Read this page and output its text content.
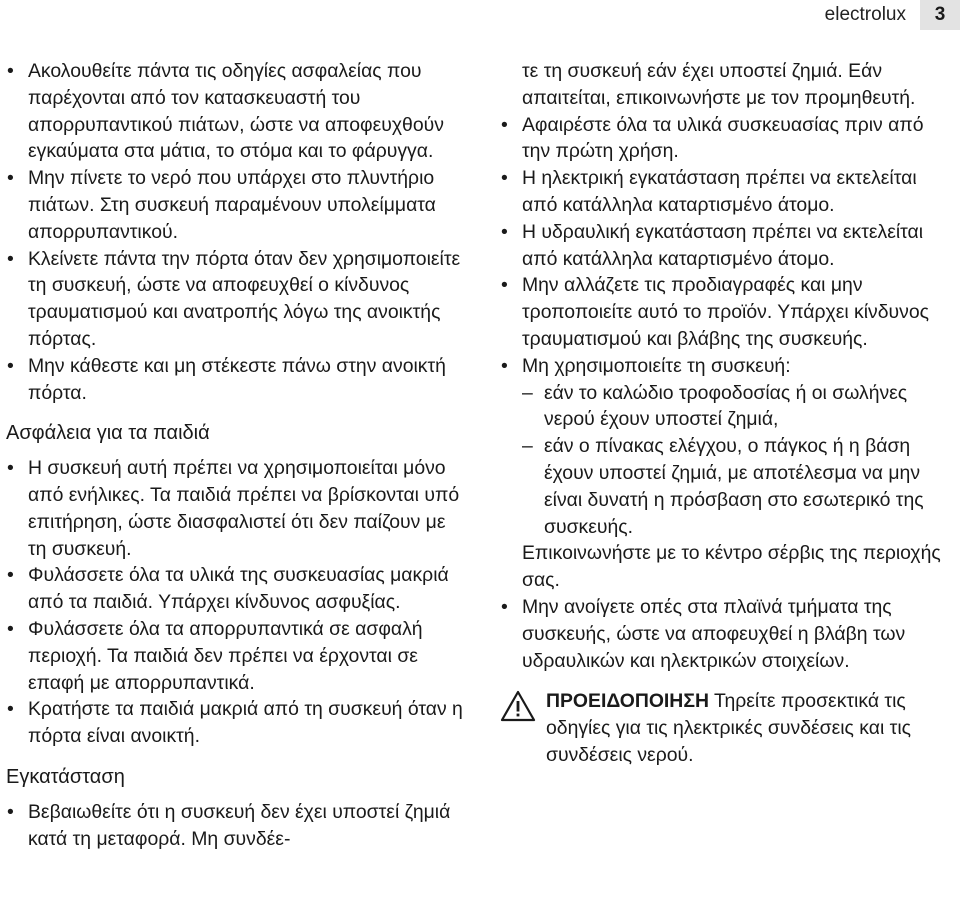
electrolux	3
• Ακολουθείτε πάντα τις οδηγίες ασφαλείας που παρέχονται από τον κατασκευαστή του απορρυπαντικού πιάτων, ώστε να αποφευχθούν εγκαύματα στα μάτια, το στόμα και το φάρυγγα.
• Μην πίνετε το νερό που υπάρχει στο πλυντήριο πιάτων. Στη συσκευή παραμένουν υπολείμματα απορρυπαντικού.
• Κλείνετε πάντα την πόρτα όταν δεν χρησιμοποιείτε τη συσκευή, ώστε να αποφευχθεί ο κίνδυνος τραυματισμού και ανατροπής λόγω της ανοικτής πόρτας.
• Μην κάθεστε και μη στέκεστε πάνω στην ανοικτή πόρτα.
Ασφάλεια για τα παιδιά
• Η συσκευή αυτή πρέπει να χρησιμοποιείται μόνο από ενήλικες. Τα παιδιά πρέπει να βρίσκονται υπό επιτήρηση, ώστε διασφαλιστεί ότι δεν παίζουν με τη συσκευή.
• Φυλάσσετε όλα τα υλικά της συσκευασίας μακριά από τα παιδιά. Υπάρχει κίνδυνος ασφυξίας.
• Φυλάσσετε όλα τα απορρυπαντικά σε ασφαλή περιοχή. Τα παιδιά δεν πρέπει να έρχονται σε επαφή με απορρυπαντικά.
• Κρατήστε τα παιδιά μακριά από τη συσκευή όταν η πόρτα είναι ανοικτή.
Εγκατάσταση
• Βεβαιωθείτε ότι η συσκευή δεν έχει υποστεί ζημιά κατά τη μεταφορά. Μη συνδέε-
τε τη συσκευή εάν έχει υποστεί ζημιά. Εάν απαιτείται, επικοινωνήστε με τον προμηθευτή.
• Αφαιρέστε όλα τα υλικά συσκευασίας πριν από την πρώτη χρήση.
• Η ηλεκτρική εγκατάσταση πρέπει να εκτελείται από κατάλληλα καταρτισμένο άτομο.
• Η υδραυλική εγκατάσταση πρέπει να εκτελείται από κατάλληλα καταρτισμένο άτομο.
• Μην αλλάζετε τις προδιαγραφές και μην τροποποιείτε αυτό το προϊόν. Υπάρχει κίνδυνος τραυματισμού και βλάβης της συσκευής.
• Μη χρησιμοποιείτε τη συσκευή:
– εάν το καλώδιο τροφοδοσίας ή οι σωλήνες νερού έχουν υποστεί ζημιά,
– εάν ο πίνακας ελέγχου, ο πάγκος ή η βάση έχουν υποστεί ζημιά, με αποτέλεσμα να μην είναι δυνατή η πρόσβαση στο εσωτερικό της συσκευής.
Επικοινωνήστε με το κέντρο σέρβις της περιοχής σας.
• Μην ανοίγετε οπές στα πλαϊνά τμήματα της συσκευής, ώστε να αποφευχθεί η βλάβη των υδραυλικών και ηλεκτρικών στοιχείων.
ΠΡΟΕΙΔΟΠΟΙΗΣΗ Τηρείτε προσεκτικά τις οδηγίες για τις ηλεκτρικές συνδέσεις και τις συνδέσεις νερού.
